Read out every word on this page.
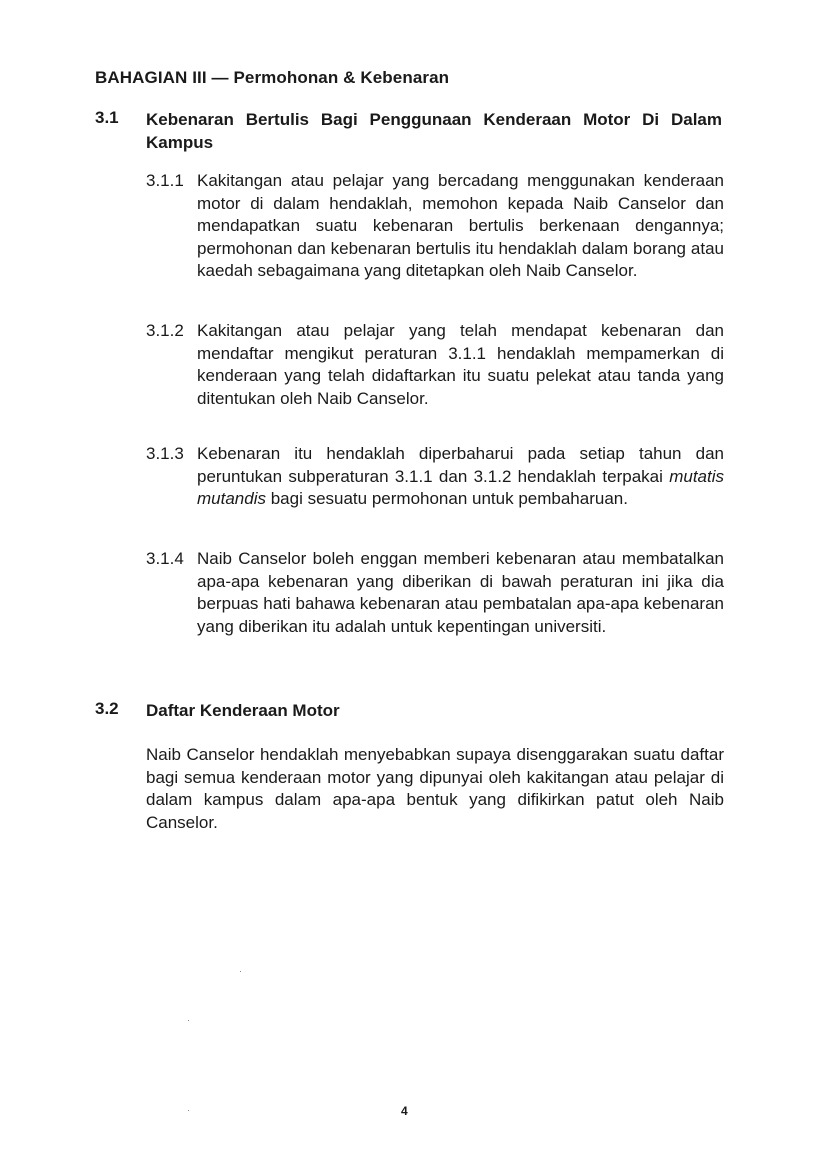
BAHAGIAN III — Permohonan & Kebenaran
3.1 Kebenaran Bertulis Bagi Penggunaan Kenderaan Motor Di Dalam Kampus
3.1.1 Kakitangan atau pelajar yang bercadang menggunakan kenderaan motor di dalam hendaklah, memohon kepada Naib Canselor dan mendapatkan suatu kebenaran bertulis berkenaan dengannya; permohonan dan kebenaran bertulis itu hendaklah dalam borang atau kaedah sebagaimana yang ditetapkan oleh Naib Canselor.
3.1.2 Kakitangan atau pelajar yang telah mendapat kebenaran dan mendaftar mengikut peraturan 3.1.1 hendaklah mempamerkan di kenderaan yang telah didaftarkan itu suatu pelekat atau tanda yang ditentukan oleh Naib Canselor.
3.1.3 Kebenaran itu hendaklah diperbaharui pada setiap tahun dan peruntukan subperaturan 3.1.1 dan 3.1.2 hendaklah terpakai mutatis mutandis bagi sesuatu permohonan untuk pembaharuan.
3.1.4 Naib Canselor boleh enggan memberi kebenaran atau membatalkan apa-apa kebenaran yang diberikan di bawah peraturan ini jika dia berpuas hati bahawa kebenaran atau pembatalan apa-apa kebenaran yang diberikan itu adalah untuk kepentingan universiti.
3.2 Daftar Kenderaan Motor
Naib Canselor hendaklah menyebabkan supaya disenggarakan suatu daftar bagi semua kenderaan motor yang dipunyai oleh kakitangan atau pelajar di dalam kampus dalam apa-apa bentuk yang difikirkan patut oleh Naib Canselor.
4
